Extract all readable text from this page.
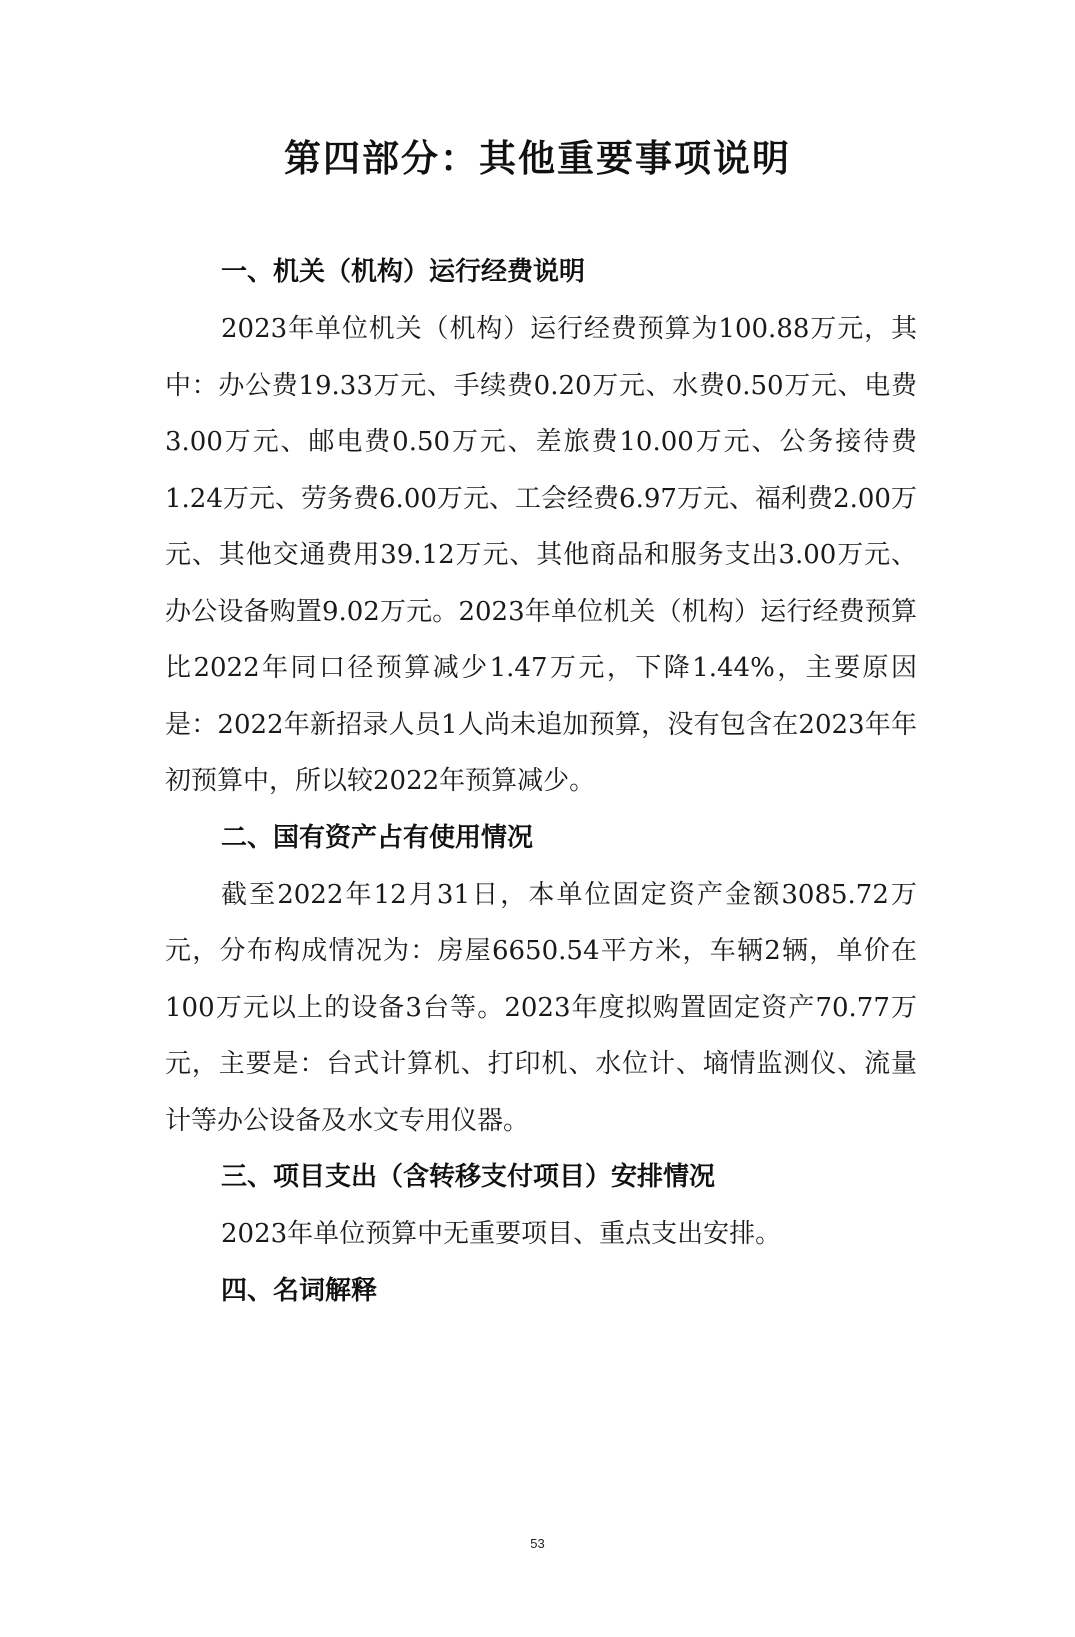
第四部分：其他重要事项说明
一、机关（机构）运行经费说明

2023年单位机关（机构）运行经费预算为100.88万元，其中：办公费19.33万元、手续费0.20万元、水费0.50万元、电费3.00万元、邮电费0.50万元、差旅费10.00万元、公务接待费1.24万元、劳务费6.00万元、工会经费6.97万元、福利费2.00万元、其他交通费用39.12万元、其他商品和服务支出3.00万元、办公设备购置9.02万元。2023年单位机关（机构）运行经费预算比2022年同口径预算减少1.47万元，下降1.44%，主要原因是：2022年新招录人员1人尚未追加预算，没有包含在2023年年初预算中，所以较2022年预算减少。

二、国有资产占有使用情况

截至2022年12月31日，本单位固定资产金额3085.72万元，分布构成情况为：房屋6650.54平方米，车辆2辆，单价在100万元以上的设备3台等。2023年度拟购置固定资产70.77万元，主要是：台式计算机、打印机、水位计、墒情监测仪、流量计等办公设备及水文专用仪器。

三、项目支出（含转移支付项目）安排情况

2023年单位预算中无重要项目、重点支出安排。

四、名词解释
53
